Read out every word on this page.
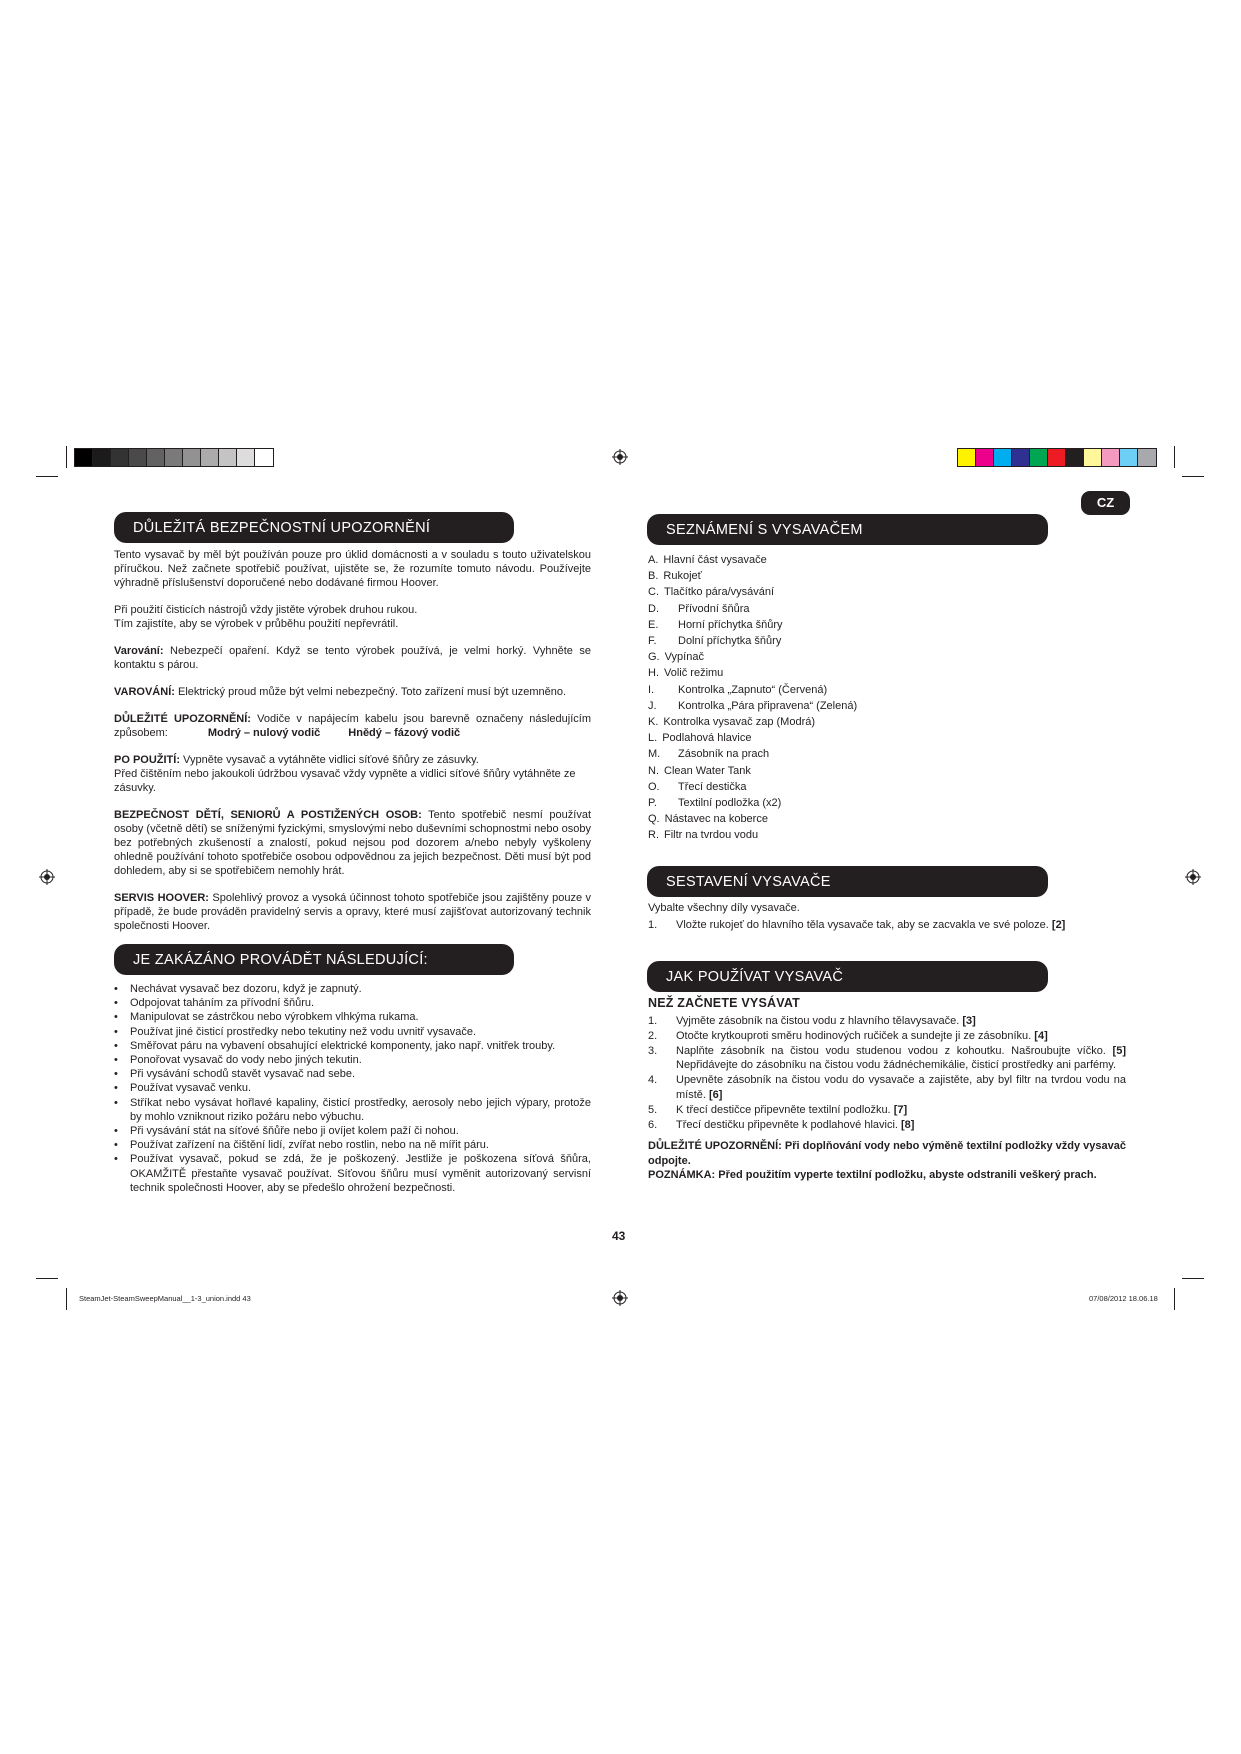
CZ
DŮLEŽITÁ BEZPEČNOSTNÍ UPOZORNĚNÍ

Tento vysavač by měl být používán pouze pro úklid domácnosti a v souladu s touto uživatelskou příručkou. Než začnete spotřebič používat, ujistěte se, že rozumíte tomuto návodu. Používejte výhradně příslušenství doporučené nebo dodávané firmou Hoover.

Při použití čisticích nástrojů vždy jistěte výrobek druhou rukou.
Tím zajistíte, aby se výrobek v průběhu použití nepřevrátil.

Varování: Nebezpečí opaření. Když se tento výrobek používá, je velmi horký. Vyhněte se kontaktu s párou.

VAROVÁNÍ: Elektrický proud může být velmi nebezpečný. Toto zařízení musí být uzemněno.

DŮLEŽITÉ UPOZORNĚNÍ: Vodiče v napájecím kabelu jsou barevně označeny následujícím způsobem:	Modrý – nulový vodič	Hnědý – fázový vodič

PO POUŽITÍ: Vypněte vysavač a vytáhněte vidlici síťové šňůry ze zásuvky.
Před čištěním nebo jakoukoli údržbou vysavač vždy vypněte a vidlici síťové šňůry vytáhněte ze zásuvky.

BEZPEČNOST DĚTÍ, SENIORŮ A POSTIŽENÝCH OSOB: Tento spotřebič nesmí používat osoby (včetně dětí) se sníženými fyzickými, smyslovými nebo duševními schopnostmi nebo osoby bez potřebných zkušeností a znalostí, pokud nejsou pod dozorem a/nebo nebyly vyškoleny ohledně používání tohoto spotřebiče osobou odpovědnou za jejich bezpečnost. Děti musí být pod dohledem, aby si se spotřebičem nemohly hrát.

SERVIS HOOVER: Spolehlivý provoz a vysoká účinnost tohoto spotřebiče jsou zajištěny pouze v případě, že bude prováděn pravidelný servis a opravy, které musí zajišťovat autorizovaný technik společnosti Hoover.

JE ZAKÁZÁNO PROVÁDĚT NÁSLEDUJÍCÍ:
• Nechávat vysavač bez dozoru, když je zapnutý.
• Odpojovat taháním za přívodní šňůru.
• Manipulovat se zástrčkou nebo výrobkem vlhkýma rukama.
• Používat jiné čisticí prostředky nebo tekutiny než vodu uvnitř vysavače.
• Směřovat páru na vybavení obsahující elektrické komponenty, jako např. vnitřek trouby.
• Ponořovat vysavač do vody nebo jiných tekutin.
• Při vysávání schodů stavět vysavač nad sebe.
• Používat vysavač venku.
• Stříkat nebo vysávat hořlavé kapaliny, čisticí prostředky, aerosoly nebo jejich výpary, protože by mohlo vzniknout riziko požáru nebo výbuchu.
• Při vysávání stát na síťové šňůře nebo ji ovíjet kolem paží či nohou.
• Používat zařízení na čištění lidí, zvířat nebo rostlin, nebo na ně mířit páru.
• Používat vysavač, pokud se zdá, že je poškozený. Jestliže je poškozena síťová šňůra, OKAMŽITĚ přestaňte vysavač používat. Síťovou šňůru musí vyměnit autorizovaný servisní technik společnosti Hoover, aby se předešlo ohrožení bezpečnosti.
SEZNÁMENÍ S VYSAVAČEM
A. Hlavní část vysavače
B. Rukojeť
C. Tlačítko pára/vysávání
D. Přívodní šňůra
E. Horní příchytka šňůry
F. Dolní příchytka šňůry
G. Vypínač
H. Volič režimu
I. Kontrolka „Zapnuto“ (Červená)
J. Kontrolka „Pára připravena“ (Zelená)
K. Kontrolka vysavač zap (Modrá)
L. Podlahová hlavice
M. Zásobník na prach
N. Clean Water Tank
O. Třecí destička
P. Textilní podložka (x2)
Q. Nástavec na koberce
R. Filtr na tvrdou vodu
SESTAVENÍ VYSAVAČE
Vybalte všechny díly vysavače.
1. Vložte rukojeť do hlavního těla vysavače tak, aby se zacvakla ve své poloze. [2]
JAK POUŽÍVAT VYSAVAČ
NEŽ ZAČNETE VYSÁVAT
1. Vyjměte zásobník na čistou vodu z hlavního tělavysavače. [3]
2. Otočte krytkouproti směru hodinových ručiček a sundejte ji ze zásobníku. [4]
3. Naplňte zásobník na čistou vodu studenou vodou z kohoutku. Našroubujte víčko. [5] Nepřidávejte do zásobníku na čistou vodu žádnéchemikálie, čisticí prostředky ani parfémy.
4. Upevněte zásobník na čistou vodu do vysavače a zajistěte, aby byl filtr na tvrdou vodu na místě. [6]
5. K třecí destičce připevněte textilní podložku. [7]
6. Třecí destičku připevněte k podlahové hlavici. [8]

DŮLEŽITÉ UPOZORNĚNÍ: Při doplňování vody nebo výměně textilní podložky vždy vysavač odpojte.

POZNÁMKA: Před použitím vyperte textilní podložku, abyste odstranili veškerý prach.

43
SteamJet-SteamSweepManual__1-3_union.indd 43	07/08/2012 18.06.18
